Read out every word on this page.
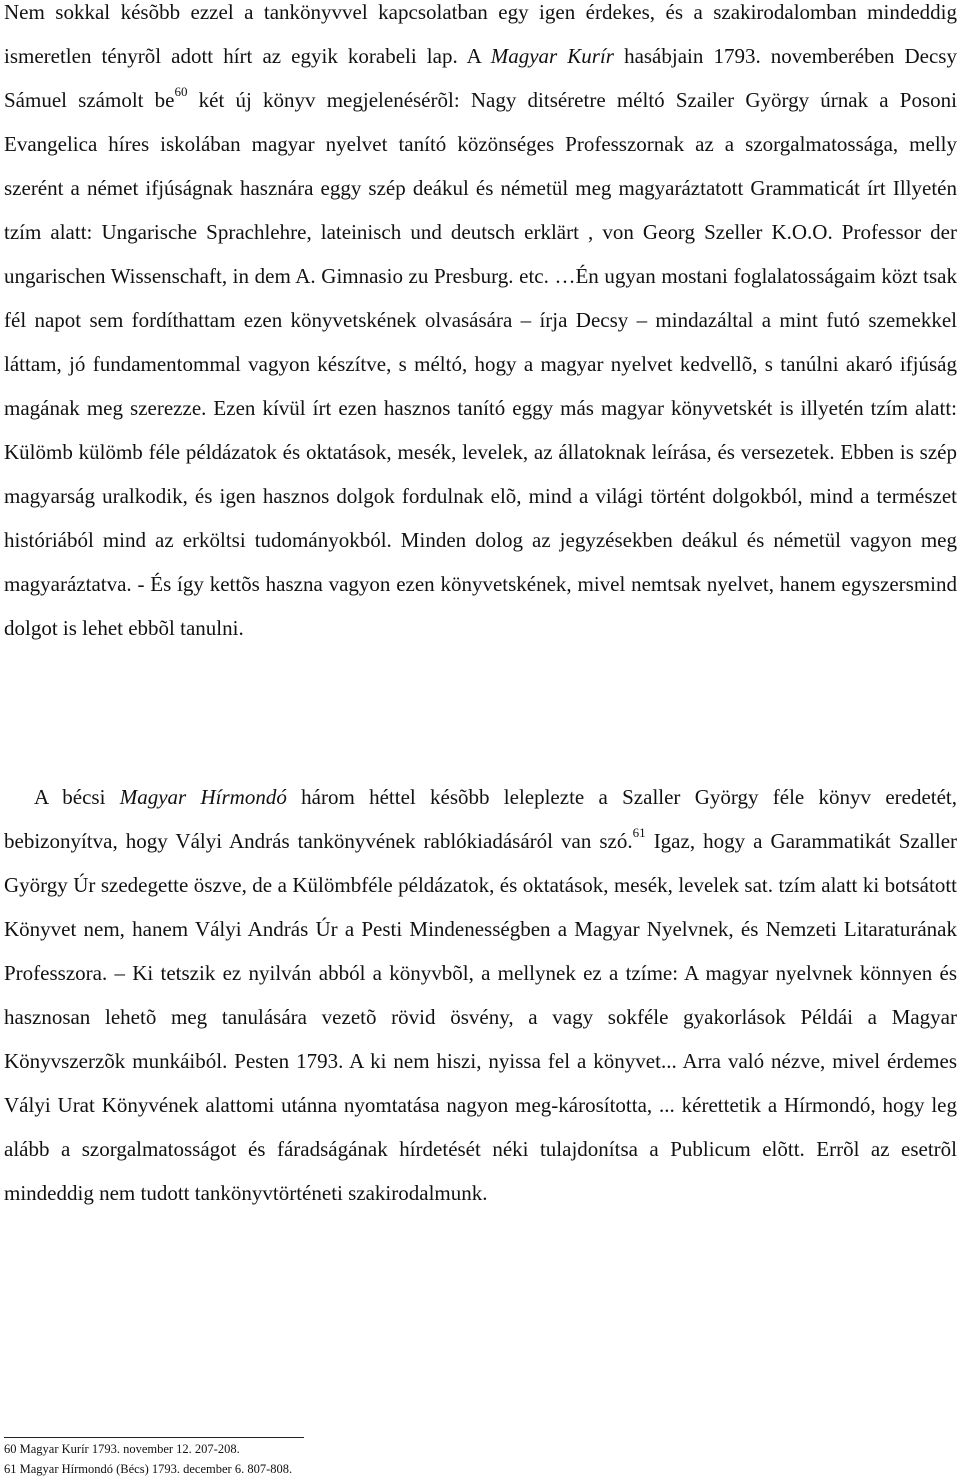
Nem sokkal késõbb ezzel a tankönyvvel kapcsolatban egy igen érdekes, és a szakirodalomban mindeddig ismeretlen tényrõl adott hírt az egyik korabeli lap. A Magyar Kurír hasábjain 1793. novemberében Decsy Sámuel számolt $be^{60}$ két új könyv megjelenésérõl: Nagy ditséretre méltó Szailer György úrnak a Posoni Evangelica híres iskolában magyar nyelvet tanító közönséges Professzornak az a szorgalmatossága, melly szerént a német ifjúságnak hasznára eggy szép deákul és németül meg magyaráztatott Grammaticát írt Illyetén tzím alatt: Ungarische Sprachlehre, lateinisch und deutsch erklärt , von Georg Szeller K.O.O. Professor der ungarischen Wissenschaft, in dem A. Gimnasio zu Presburg. etc. …Én ugyan mostani foglalatosságaim közt tsak fél napot sem fordíthattam ezen könyvetskének olvasására – írja Decsy – mindazáltal a mint futó szemekkel láttam, jó fundamentommal vagyon készítve, s méltó, hogy a magyar nyelvet kedvellõ, s tanúlni akaró ifjúság magának meg szerezze. Ezen kívül írt ezen hasznos tanító eggy más magyar könyvetskét is illyetén tzím alatt: Külömb külömb féle példázatok és oktatások, mesék, levelek, az állatoknak leírása, és versezetek. Ebben is szép magyarság uralkodik, és igen hasznos dolgok fordulnak elõ, mind a világi történt dolgokból, mind a természet históriából mind az erköltsi tudományokból. Minden dolog az jegyzésekben deákul és németül vagyon meg magyaráztatva. - És így kettõs haszna vagyon ezen könyvetskének, mivel nemtsak nyelvet, hanem egyszersmind dolgot is lehet ebbõl tanulni.

A bécsi Magyar Hírmondó három héttel késõbb leleplezte a Szaller György féle könyv eredetét, bebizonyítva, hogy Vályi András tankönyvének rablókiadásáról van szó.$^{61}$ Igaz, hogy a Garammatikát Szaller György Úr szedegette öszve, de a Külömbféle példázatok, és oktatások, mesék, levelek sat. tzím alatt ki botsátott Könyvet nem, hanem Vályi András Úr a Pesti Mindenességben a Magyar Nyelvnek, és Nemzeti Litaraturának Professzora. – Ki tetszik ez nyilván abból a könyvbõl, a mellynek ez a tzíme: A magyar nyelvnek könnyen és hasznosan lehetõ meg tanulására vezetõ rövid ösvény, a vagy sokféle gyakorlások Példái a Magyar Könyvszerzõk munkáiból. Pesten 1793. A ki nem hiszi, nyissa fel a könyvet... Arra való nézve, mivel érdemes Vályi Urat Könyvének alattomi utánna nyomtatása nagyon meg-károsította, ... kérettetik a Hírmondó, hogy leg alább a szorgalmatosságot és fáradságának hírdetését néki tulajdonítsa a Publicum elõtt. Errõl az esetrõl mindeddig nem tudott tankönyvtörténeti szakirodalmunk.

60 Magyar Kurír 1793. november 12. 207-208.

61 Magyar Hírmondó (Bécs) 1793. december 6. 807-808.
